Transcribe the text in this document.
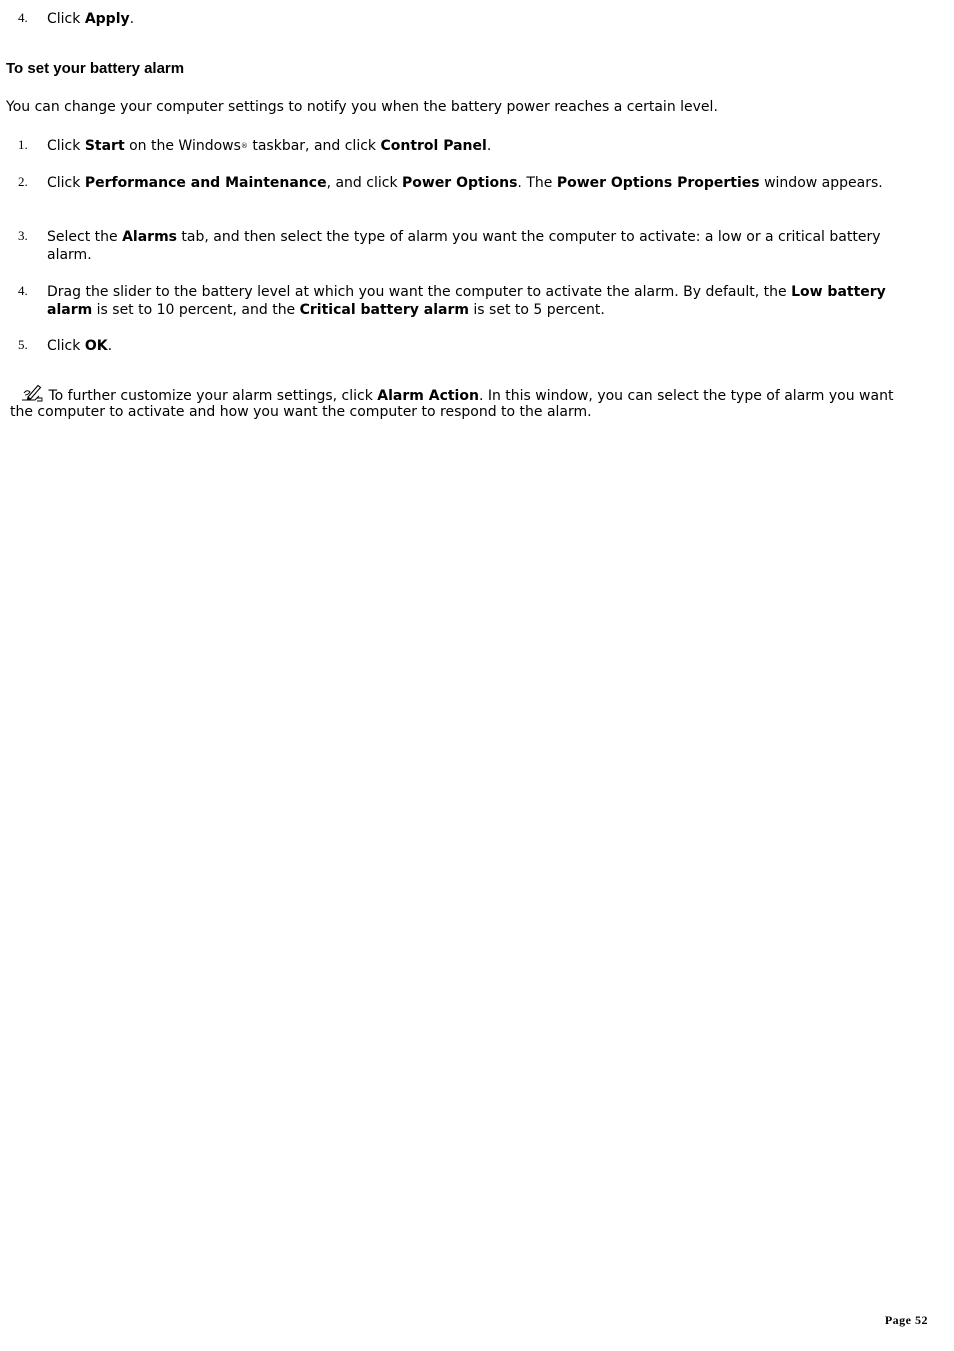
4. Click Apply.
To set your battery alarm
You can change your computer settings to notify you when the battery power reaches a certain level.
1. Click Start on the Windows® taskbar, and click Control Panel.
2. Click Performance and Maintenance, and click Power Options. The Power Options Properties window appears.
3. Select the Alarms tab, and then select the type of alarm you want the computer to activate: a low or a critical battery alarm.
4. Drag the slider to the battery level at which you want the computer to activate the alarm. By default, the Low battery alarm is set to 10 percent, and the Critical battery alarm is set to 5 percent.
5. Click OK.
To further customize your alarm settings, click Alarm Action. In this window, you can select the type of alarm you want the computer to activate and how you want the computer to respond to the alarm.
Page 52
